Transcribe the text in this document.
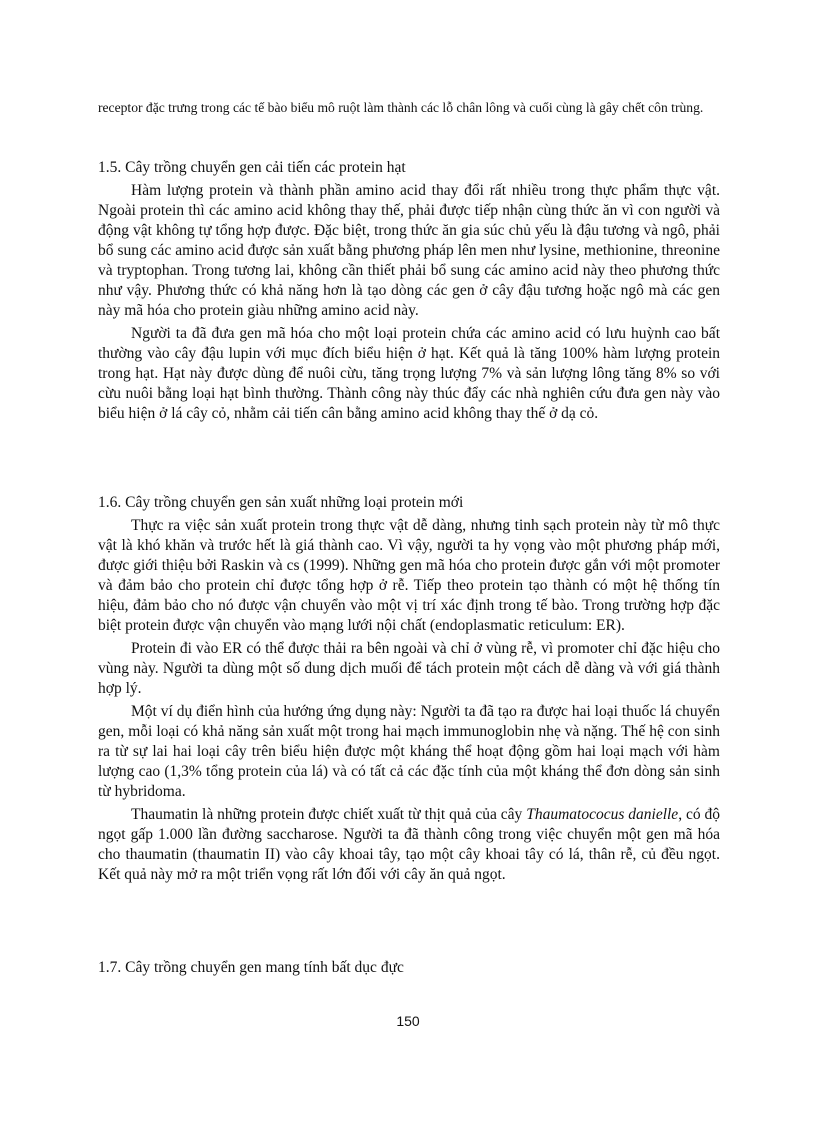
receptor đặc trưng trong các tế bào biểu mô ruột làm thành các lỗ chân lông và cuối cùng là gây chết côn trùng.

1.5. Cây trồng chuyển gen cải tiến các protein hạt

Hàm lượng protein và thành phần amino acid thay đổi rất nhiều trong thực phẩm thực vật. Ngoài protein thì các amino acid không thay thế, phải được tiếp nhận cùng thức ăn vì con người và động vật không tự tổng hợp được. Đặc biệt, trong thức ăn gia súc chủ yếu là đậu tương và ngô, phải bổ sung các amino acid được sản xuất bằng phương pháp lên men như lysine, methionine, threonine và tryptophan. Trong tương lai, không cần thiết phải bổ sung các amino acid này theo phương thức như vậy. Phương thức có khả năng hơn là tạo dòng các gen ở cây đậu tương hoặc ngô mà các gen này mã hóa cho protein giàu những amino acid này.

Người ta đã đưa gen mã hóa cho một loại protein chứa các amino acid có lưu huỳnh cao bất thường vào cây đậu lupin với mục đích biểu hiện ở hạt. Kết quả là tăng 100% hàm lượng protein trong hạt. Hạt này được dùng để nuôi cừu, tăng trọng lượng 7% và sản lượng lông tăng 8% so với cừu nuôi bằng loại hạt bình thường. Thành công này thúc đẩy các nhà nghiên cứu đưa gen này vào biểu hiện ở lá cây cỏ, nhằm cải tiến cân bằng amino acid không thay thế ở dạ cỏ.

1.6. Cây trồng chuyển gen sản xuất những loại protein mới

Thực ra việc sản xuất protein trong thực vật dễ dàng, nhưng tinh sạch protein này từ mô thực vật là khó khăn và trước hết là giá thành cao. Vì vậy, người ta hy vọng vào một phương pháp mới, được giới thiệu bởi Raskin và cs (1999). Những gen mã hóa cho protein được gắn với một promoter và đảm bảo cho protein chỉ được tổng hợp ở rễ. Tiếp theo protein tạo thành có một hệ thống tín hiệu, đảm bảo cho nó được vận chuyển vào một vị trí xác định trong tế bào. Trong trường hợp đặc biệt protein được vận chuyển vào mạng lưới nội chất (endoplasmatic reticulum: ER).

Protein đi vào ER có thể được thải ra bên ngoài và chỉ ở vùng rễ, vì promoter chỉ đặc hiệu cho vùng này. Người ta dùng một số dung dịch muối để tách protein một cách dễ dàng và với giá thành hợp lý.

Một ví dụ điển hình của hướng ứng dụng này: Người ta đã tạo ra được hai loại thuốc lá chuyển gen, mỗi loại có khả năng sản xuất một trong hai mạch immunoglobin nhẹ và nặng. Thế hệ con sinh ra từ sự lai hai loại cây trên biểu hiện được một kháng thể hoạt động gồm hai loại mạch với hàm lượng cao (1,3% tổng protein của lá) và có tất cả các đặc tính của một kháng thể đơn dòng sản sinh từ hybridoma.

Thaumatin là những protein được chiết xuất từ thịt quả của cây Thaumatococus danielle, có độ ngọt gấp 1.000 lần đường saccharose. Người ta đã thành công trong việc chuyển một gen mã hóa cho thaumatin (thaumatin II) vào cây khoai tây, tạo một cây khoai tây có lá, thân rễ, củ đều ngọt. Kết quả này mở ra một triển vọng rất lớn đối với cây ăn quả ngọt.

1.7. Cây trồng chuyển gen mang tính bất dục đực
150
